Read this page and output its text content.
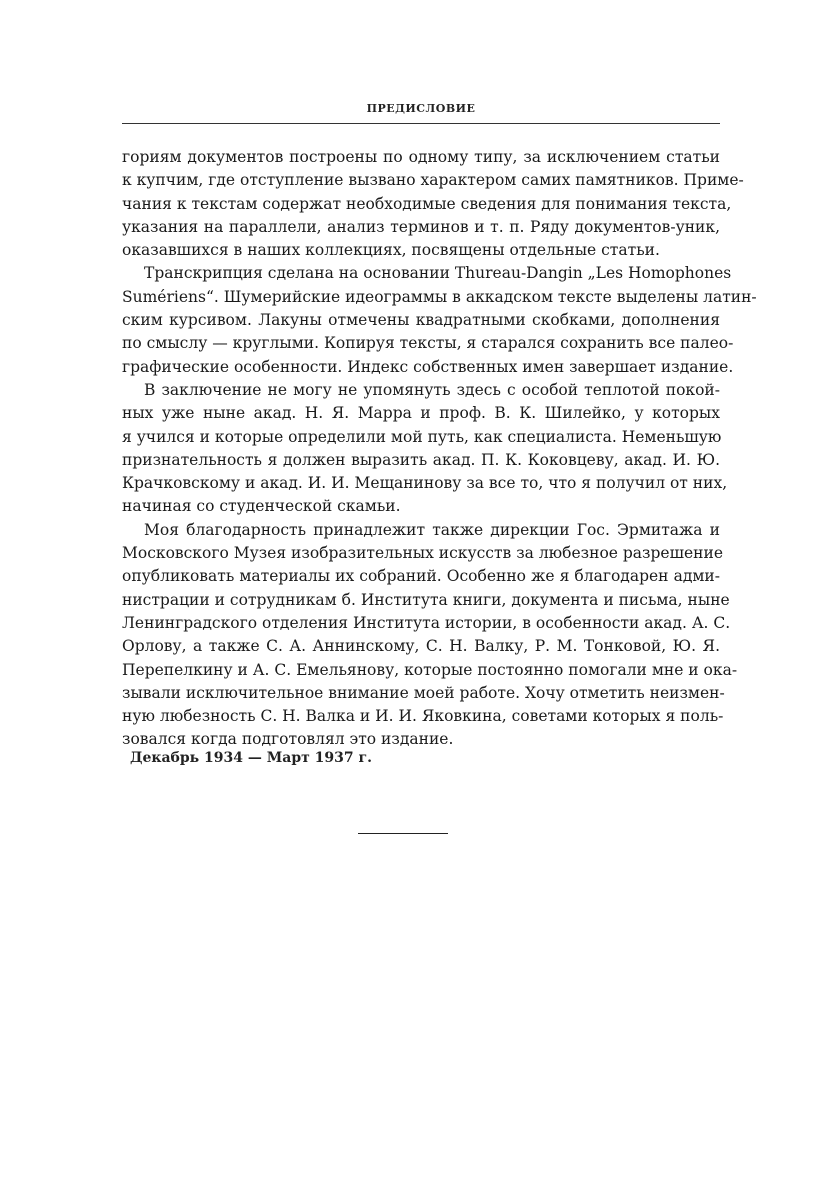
ПРЕДИСЛОВИЕ
гориям документов построены по одному типу, за исключением статьи
к купчим, где отступление вызвано характером самих памятников. Приме-
чания к текстам содержат необходимые сведения для понимания текста,
указания на параллели, анализ терминов и т. п. Ряду документов-уник,
оказавшихся в наших коллекциях, посвящены отдельные статьи.
Транскрипция сделана на основании Thureau-Dangin „Les Homophones
Sumériens“. Шумерийские идеограммы в аккадском тексте выделены латин-
ским курсивом. Лакуны отмечены квадратными скобками, дополнения
по смыслу — круглыми. Копируя тексты, я старался сохранить все палео-
графические особенности. Индекс собственных имен завершает издание.
В заключение не могу не упомянуть здесь с особой теплотой покой-
ных уже ныне акад. Н. Я. Марра и проф. В. К. Шилейко, у которых
я учился и которые определили мой путь, как специалиста. Неменьшую
признательность я должен выразить акад. П. К. Коковцеву, акад. И. Ю.
Крачковскому и акад. И. И. Мещанинову за все то, что я получил от них,
начиная со студенческой скамьи.
Моя благодарность принадлежит также дирекции Гос. Эрмитажа и
Московского Музея изобразительных искусств за любезное разрешение
опубликовать материалы их собраний. Особенно же я благодарен адми-
нистрации и сотрудникам б. Института книги, документа и письма, ныне
Ленинградского отделения Института истории, в особенности акад. А. С.
Орлову, а также С. А. Аннинскому, С. Н. Валку, Р. М. Тонковой, Ю. Я.
Перепелкину и А. С. Емельянову, которые постоянно помогали мне и ока-
зывали исключительное внимание моей работе. Хочу отметить неизмен-
ную любезность С. Н. Валка и И. И. Яковкина, советами которых я поль-
зовался когда подготовлял это издание.
Декабрь 1934 — Март 1937 г.
